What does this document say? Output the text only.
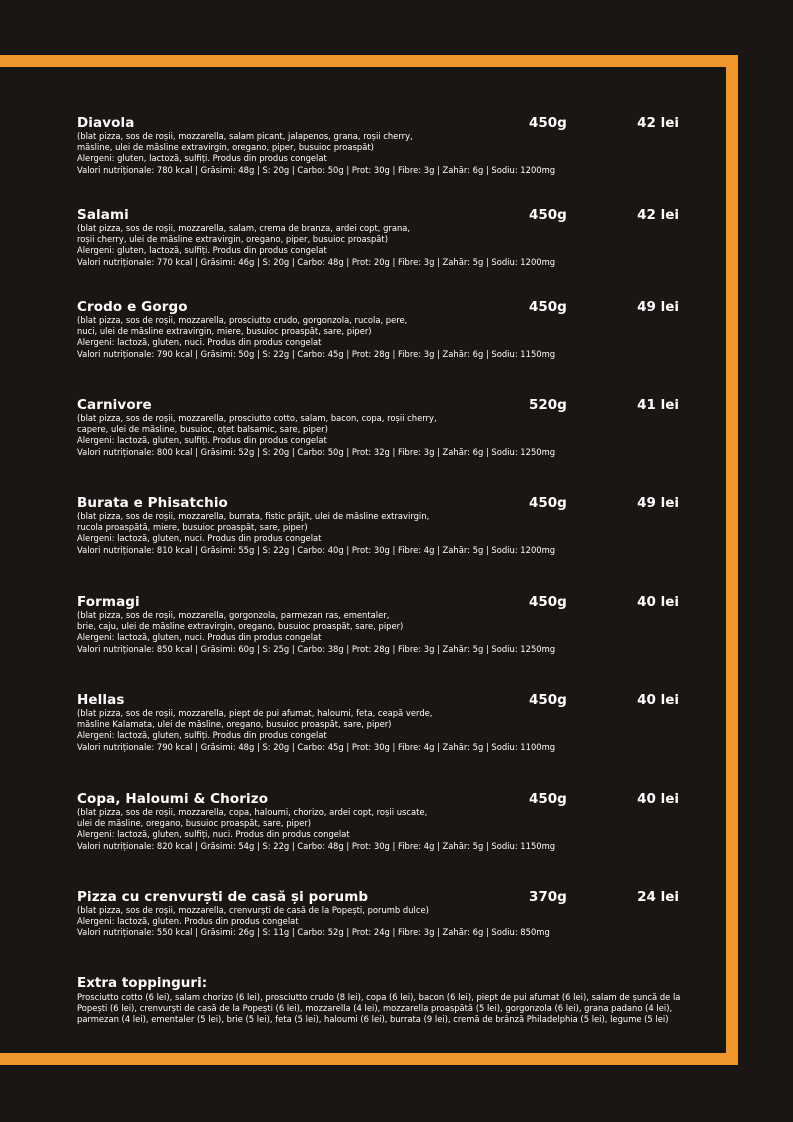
Diavola	450g	42 lei
(blat pizza, sos de roșii, mozzarella, salam picant, jalapenos, grana, roșii cherry,
măsline, ulei de măsline extravirgin, oregano, piper, busuioc proaspăt)
Alergeni: gluten, lactoză, sulfiți. Produs din produs congelat
Valori nutriționale: 780 kcal | Grăsimi: 48g | S: 20g | Carbo: 50g | Prot: 30g | Fibre: 3g | Zahăr: 6g | Sodiu: 1200mg
Salami	450g	42 lei
(blat pizza, sos de roșii, mozzarella, salam, crema de branza, ardei copt, grana,
roșii cherry, ulei de măsline extravirgin, oregano, piper, busuioc proaspăt)
Alergeni: gluten, lactoză, sulfiți. Produs din produs congelat
Valori nutriționale: 770 kcal | Grăsimi: 46g | S: 20g | Carbo: 48g | Prot: 20g | Fibre: 3g | Zahăr: 5g | Sodiu: 1200mg
Crodo e Gorgo	450g	49 lei
(blat pizza, sos de roșii, mozzarella, prosciutto crudo, gorgonzola, rucola, pere,
nuci, ulei de măsline extravirgin, miere, busuioc proaspăt, sare, piper)
Alergeni: lactoză, gluten, nuci. Produs din produs congelat
Valori nutriționale: 790 kcal | Grăsimi: 50g | S: 22g | Carbo: 45g | Prot: 28g | Fibre: 3g | Zahăr: 6g | Sodiu: 1150mg
Carnivore	520g	41 lei
(blat pizza, sos de roșii, mozzarella, prosciutto cotto, salam, bacon, copa, roșii cherry,
capere, ulei de măsline, busuioc, oțet balsamic, sare, piper)
Alergeni: lactoză, gluten, sulfiți. Produs din produs congelat
Valori nutriționale: 800 kcal | Grăsimi: 52g | S: 20g | Carbo: 50g | Prot: 32g | Fibre: 3g | Zahăr: 6g | Sodiu: 1250mg
Burata e Phisatchio	450g	49 lei
(blat pizza, sos de roșii, mozzarella, burrata, fistic prăjit, ulei de măsline extravirgin,
rucola proaspătă, miere, busuioc proaspăt, sare, piper)
Alergeni: lactoză, gluten, nuci. Produs din produs congelat
Valori nutriționale: 810 kcal | Grăsimi: 55g | S: 22g | Carbo: 40g | Prot: 30g | Fibre: 4g | Zahăr: 5g | Sodiu: 1200mg
Formagi	450g	40 lei
(blat pizza, sos de roșii, mozzarella, gorgonzola, parmezan ras, ementaler,
brie, caju, ulei de măsline extravirgin, oregano, busuioc proaspăt, sare, piper)
Alergeni: lactoză, gluten, nuci. Produs din produs congelat
Valori nutriționale: 850 kcal | Grăsimi: 60g | S: 25g | Carbo: 38g | Prot: 28g | Fibre: 3g | Zahăr: 5g | Sodiu: 1250mg
Hellas	450g	40 lei
(blat pizza, sos de roșii, mozzarella, piept de pui afumat, haloumi, feta, ceapă verde,
măsline Kalamata, ulei de măsline, oregano, busuioc proaspăt, sare, piper)
Alergeni: lactoză, gluten, sulfiți. Produs din produs congelat
Valori nutriționale: 790 kcal | Grăsimi: 48g | S: 20g | Carbo: 45g | Prot: 30g | Fibre: 4g | Zahăr: 5g | Sodiu: 1100mg
Copa, Haloumi & Chorizo	450g	40 lei
(blat pizza, sos de roșii, mozzarella, copa, haloumi, chorizo, ardei copt, roșii uscate,
ulei de măsline, oregano, busuioc proaspăt, sare, piper)
Alergeni: lactoză, gluten, sulfiți, nuci. Produs din produs congelat
Valori nutriționale: 820 kcal | Grăsimi: 54g | S: 22g | Carbo: 48g | Prot: 30g | Fibre: 4g | Zahăr: 5g | Sodiu: 1150mg
Pizza cu crenvurști de casă și porumb	370g	24 lei
(blat pizza, sos de roșii, mozzarella, crenvurști de casă de la Popești, porumb dulce)
Alergeni: lactoză, gluten. Produs din produs congelat
Valori nutriționale: 550 kcal | Grăsimi: 26g | S: 11g | Carbo: 52g | Prot: 24g | Fibre: 3g | Zahăr: 6g | Sodiu: 850mg
Extra toppinguri:
Prosciutto cotto (6 lei), salam chorizo (6 lei), prosciutto crudo (8 lei), copa (6 lei), bacon (6 lei), piept de pui afumat (6 lei), salam de șuncă de la Popești (6 lei), crenvurști de casă de la Popești (6 lei), mozzarella (4 lei), mozzarella proaspătă (5 lei), gorgonzola (6 lei), grana padano (4 lei), parmezan (4 lei), ementaler (5 lei), brie (5 lei), feta (5 lei), haloumi (6 lei), burrata (9 lei), cremă de brânză Philadelphia (5 lei), legume (5 lei)
